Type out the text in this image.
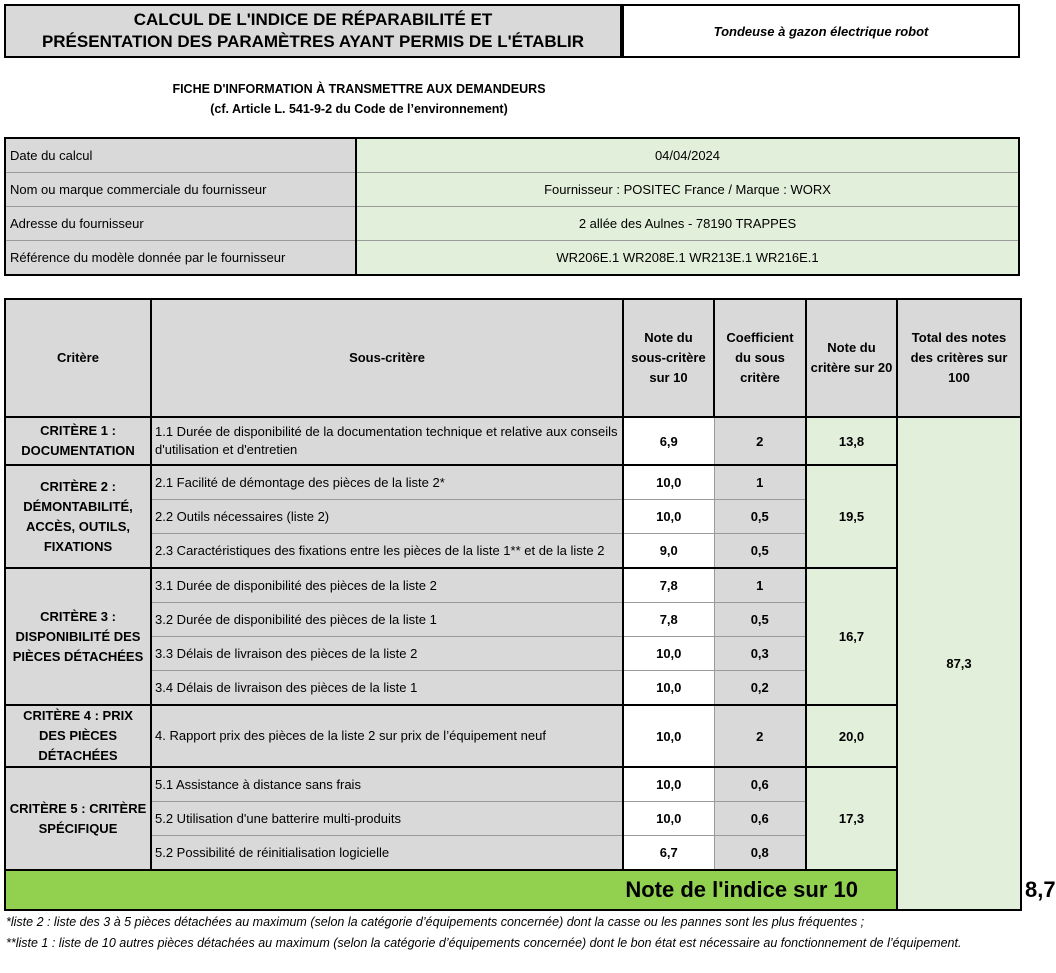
CALCUL DE L'INDICE DE RÉPARABILITÉ ET
PRÉSENTATION DES PARAMÈTRES AYANT PERMIS DE L'ÉTABLIR
Tondeuse à gazon électrique robot
FICHE D'INFORMATION À TRANSMETTRE AUX DEMANDEURS
(cf. Article L. 541-9-2 du Code de l’environnement)
Date du calcul	04/04/2024
Nom ou marque commerciale du fournisseur	Fournisseur : POSITEC France / Marque : WORX
Adresse du fournisseur	2 allée des Aulnes - 78190 TRAPPES
Référence du modèle donnée par le fournisseur	WR206E.1 WR208E.1 WR213E.1 WR216E.1
Critère	Sous-critère	Note du sous-critère sur 10	Coefficient du sous critère	Note du critère sur 20	Total des notes des critères sur 100	
CRITÈRE 1 : DOCUMENTATION	1.1 Durée de disponibilité de la documentation technique et relative aux conseils d'utilisation et d'entretien	6,9	2	13,8	87,3	
CRITÈRE 2 : DÉMONTABILITÉ, ACCÈS, OUTILS, FIXATIONS	2.1 Facilité de démontage des pièces de la liste 2*	10,0	1	19,5		
	2.2 Outils nécessaires (liste 2)	10,0	0,5			
	2.3 Caractéristiques des fixations entre les pièces de la liste 1** et de la liste 2	9,0	0,5			
CRITÈRE 3 : DISPONIBILITÉ DES PIÈCES DÉTACHÉES	3.1 Durée de disponibilité des pièces de la liste 2	7,8	1	16,7		
	3.2 Durée de disponibilité des pièces de la liste 1	7,8	0,5			
	3.3 Délais de livraison des pièces de la liste 2	10,0	0,3			
	3.4 Délais de livraison des pièces de la liste 1	10,0	0,2			
CRITÈRE 4 : PRIX DES PIÈCES DÉTACHÉES	4. Rapport prix des pièces de la liste 2 sur prix de l’équipement neuf	10,0	2	20,0		
CRITÈRE 5 : CRITÈRE SPÉCIFIQUE	5.1 Assistance à distance sans frais	10,0	0,6	17,3		
	5.2 Utilisation d'une batterire multi-produits	10,0	0,6			
	5.2 Possibilité de réinitialisation logicielle	6,7	0,8			
Note de l'indice sur 10						8,7
*liste 2 : liste des 3 à 5 pièces détachées au maximum (selon la catégorie d’équipements concernée) dont la casse ou les pannes sont les plus fréquentes ;
**liste 1 : liste de 10 autres pièces détachées au maximum (selon la catégorie d’équipements concernée) dont le bon état est nécessaire au fonctionnement de l’équipement.
